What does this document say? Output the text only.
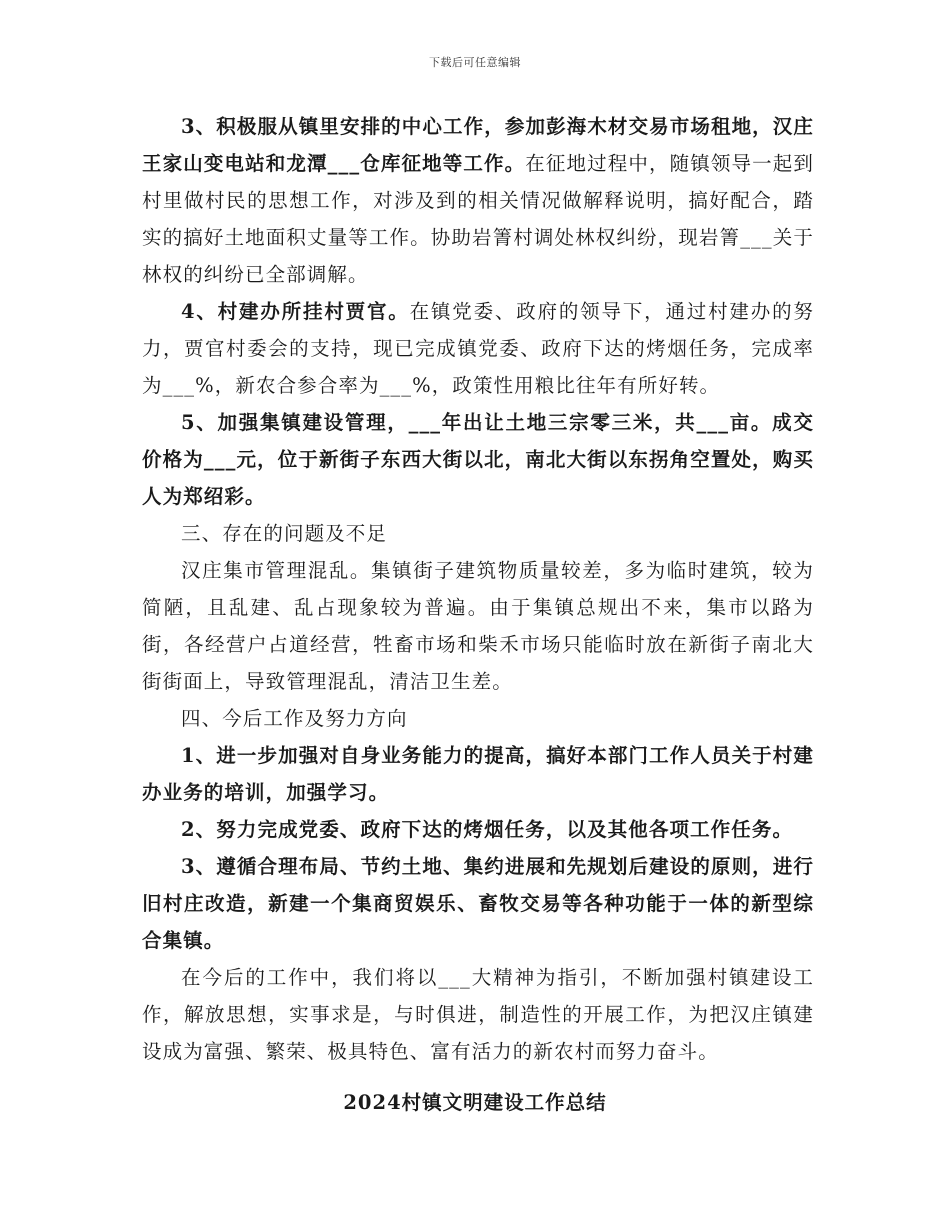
下载后可任意编辑

3、积极服从镇里安排的中心工作，参加彭海木材交易市场租地，汉庄王家山变电站和龙潭___仓库征地等工作。在征地过程中，随镇领导一起到村里做村民的思想工作，对涉及到的相关情况做解释说明，搞好配合，踏实的搞好土地面积丈量等工作。协助岩箐村调处林权纠纷，现岩箐___关于林权的纠纷已全部调解。

4、村建办所挂村贾官。在镇党委、政府的领导下，通过村建办的努力，贾官村委会的支持，现已完成镇党委、政府下达的烤烟任务，完成率为___%，新农合参合率为___%，政策性用粮比往年有所好转。

5、加强集镇建设管理，___年出让土地三宗零三米，共___亩。成交价格为___元，位于新街子东西大街以北，南北大街以东拐角空置处，购买人为郑绍彩。

三、存在的问题及不足

汉庄集市管理混乱。集镇街子建筑物质量较差，多为临时建筑，较为简陋，且乱建、乱占现象较为普遍。由于集镇总规出不来，集市以路为街，各经营户占道经营，牲畜市场和柴禾市场只能临时放在新街子南北大街街面上，导致管理混乱，清洁卫生差。

四、今后工作及努力方向

1、进一步加强对自身业务能力的提高，搞好本部门工作人员关于村建办业务的培训，加强学习。

2、努力完成党委、政府下达的烤烟任务，以及其他各项工作任务。

3、遵循合理布局、节约土地、集约进展和先规划后建设的原则，进行旧村庄改造，新建一个集商贸娱乐、畜牧交易等各种功能于一体的新型综合集镇。

在今后的工作中，我们将以___大精神为指引，不断加强村镇建设工作，解放思想，实事求是，与时俱进，制造性的开展工作，为把汉庄镇建设成为富强、繁荣、极具特色、富有活力的新农村而努力奋斗。

2024村镇文明建设工作总结
